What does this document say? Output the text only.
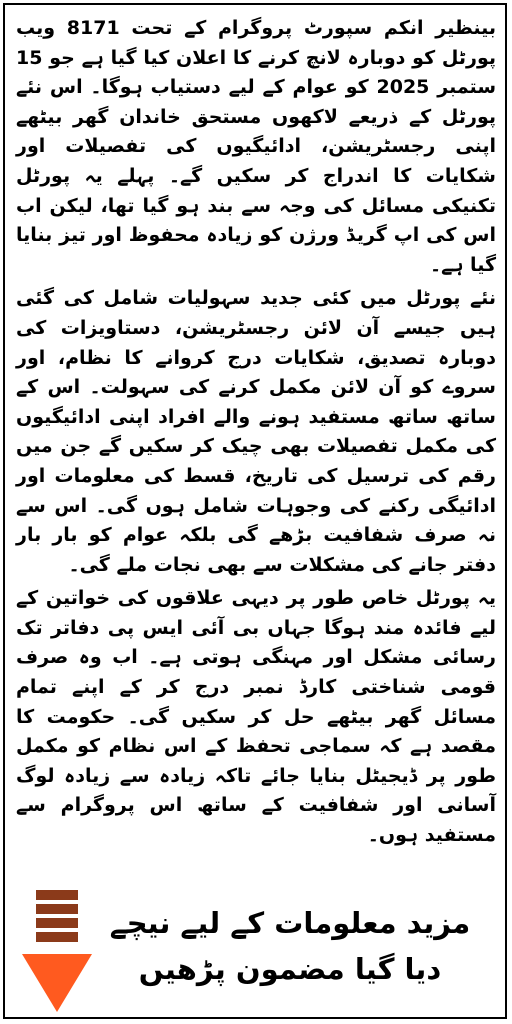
بینظیر انکم سپورٹ پروگرام کے تحت 8171 ویب پورٹل کو دوبارہ لانچ کرنے کا اعلان کیا گیا ہے جو 15 ستمبر 2025 کو عوام کے لیے دستیاب ہوگا۔ اس نئے پورٹل کے ذریعے لاکھوں مستحق خاندان گھر بیٹھے اپنی رجسٹریشن، ادائیگیوں کی تفصیلات اور شکایات کا اندراج کر سکیں گے۔ پہلے یہ پورٹل تکنیکی مسائل کی وجہ سے بند ہو گیا تھا، لیکن اب اس کی اپ گریڈ ورژن کو زیادہ محفوظ اور تیز بنایا گیا ہے۔

نئے پورٹل میں کئی جدید سہولیات شامل کی گئی ہیں جیسے آن لائن رجسٹریشن، دستاویزات کی دوبارہ تصدیق، شکایات درج کروانے کا نظام، اور سروے کو آن لائن مکمل کرنے کی سہولت۔ اس کے ساتھ ساتھ مستفید ہونے والے افراد اپنی ادائیگیوں کی مکمل تفصیلات بھی چیک کر سکیں گے جن میں رقم کی ترسیل کی تاریخ، قسط کی معلومات اور ادائیگی رکنے کی وجوہات شامل ہوں گی۔ اس سے نہ صرف شفافیت بڑھے گی بلکہ عوام کو بار بار دفتر جانے کی مشکلات سے بھی نجات ملے گی۔

یہ پورٹل خاص طور پر دیہی علاقوں کی خواتین کے لیے فائدہ مند ہوگا جہاں بی آئی ایس پی دفاتر تک رسائی مشکل اور مہنگی ہوتی ہے۔ اب وہ صرف قومی شناختی کارڈ نمبر درج کر کے اپنے تمام مسائل گھر بیٹھے حل کر سکیں گی۔ حکومت کا مقصد ہے کہ سماجی تحفظ کے اس نظام کو مکمل طور پر ڈیجیٹل بنایا جائے تاکہ زیادہ سے زیادہ لوگ آسانی اور شفافیت کے ساتھ اس پروگرام سے مستفید ہوں۔

مزید معلومات کے لیے نیچے
دیا گیا مضمون پڑھیں
